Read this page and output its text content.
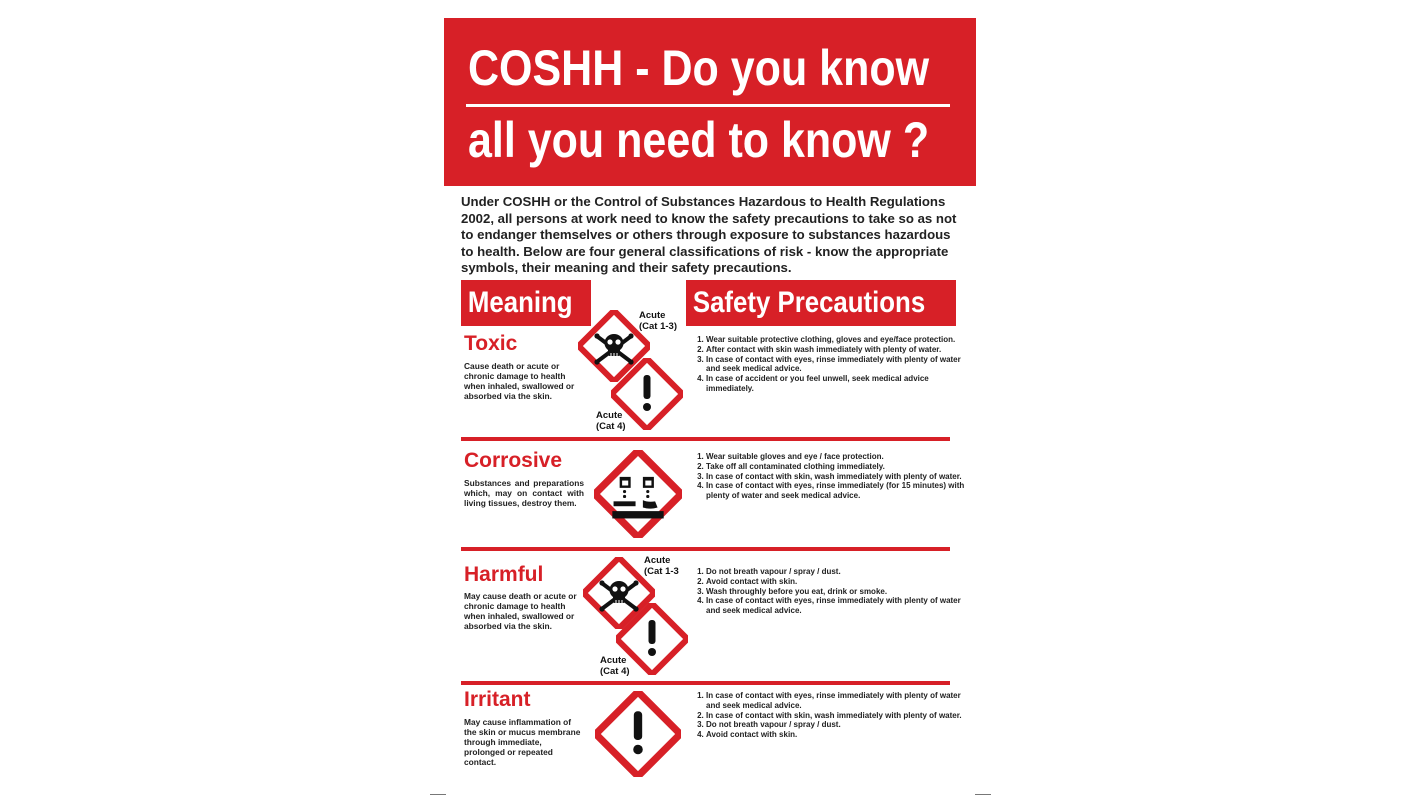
COSHH - Do you know
all you need to know ?
Under COSHH or the Control of Substances Hazardous to Health Regulations 2002, all persons at work need to know the safety precautions to take so as not to endanger themselves or others through exposure to substances hazardous to health. Below are four general classifications of risk - know the appropriate symbols, their meaning and their safety precautions.
Meaning	Safety Precautions
Toxic
Cause death or acute or chronic damage to health when inhaled, swallowed or absorbed via the skin.
Acute
(Cat 1-3)
Acute
(Cat 4)
1. Wear suitable protective clothing, gloves and eye/face protection.
2. After contact with skin wash immediately with plenty of water.
3. In case of contact with eyes, rinse immediately with plenty of water and seek medical advice.
4. In case of accident or you feel unwell, seek medical advice immediately.
Corrosive
Substances and preparations which, may on contact with living tissues, destroy them.
1. Wear suitable gloves and eye / face protection.
2. Take off all contaminated clothing immediately.
3. In case of contact with skin, wash immediately with plenty of water.
4. In case of contact with eyes, rinse immediately (for 15 minutes) with plenty of water and seek medical advice.
Harmful
May cause death or acute or chronic damage to health when inhaled, swallowed or absorbed via the skin.
Acute
(Cat 1-3
Acute
(Cat 4)
1. Do not breath vapour / spray / dust.
2. Avoid contact with skin.
3. Wash throughly before you eat, drink or smoke.
4. In case of contact with eyes, rinse immediately with plenty of water and seek medical advice.
Irritant
May cause inflammation of the skin or mucus membrane through immediate, prolonged or repeated contact.
1. In case of contact with eyes, rinse immediately with plenty of water and seek medical advice.
2. In case of contact with skin, wash immediately with plenty of water.
3. Do not breath vapour / spray / dust.
4. Avoid contact with skin.
